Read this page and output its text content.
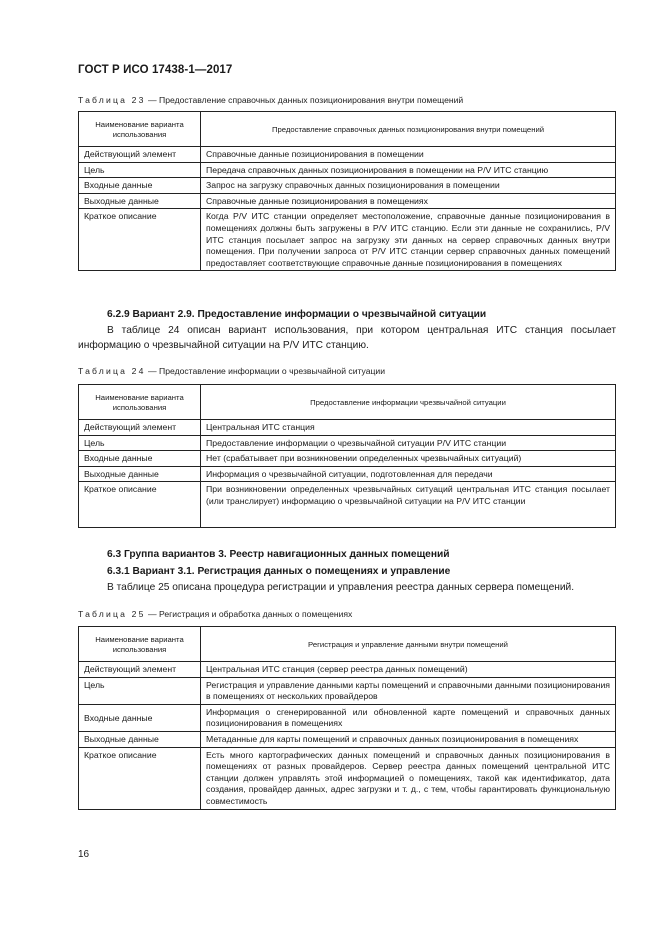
ГОСТ Р ИСО 17438-1—2017
Таблица 23 — Предоставление справочных данных позиционирования внутри помещений
Наименование варианта использования	Предоставление справочных данных позиционирования внутри помещений
Действующий элемент	Справочные данные позиционирования в помещении
Цель	Передача справочных данных позиционирования в помещении на P/V ИТС станцию
Входные данные	Запрос на загрузку справочных данных позиционирования в помещении
Выходные данные	Справочные данные позиционирования в помещениях
Краткое описание	Когда P/V ИТС станции определяет местоположение, справочные данные позиционирования в помещениях должны быть загружены в P/V ИТС станцию. Если эти данные не сохранились, P/V ИТС станция посылает запрос на загрузку эти данных на сервер справочных данных внутри помещения. При получении запроса от P/V ИТС станции сервер справочных данных помещений предоставляет соответствующие справочные данные позиционирования в помещениях
6.2.9 Вариант 2.9. Предоставление информации о чрезвычайной ситуации
В таблице 24 описан вариант использования, при котором центральная ИТС станция посылает информацию о чрезвычайной ситуации на P/V ИТС станцию.
Таблица 24 — Предоставление информации о чрезвычайной ситуации
Наименование варианта использования	Предоставление информации чрезвычайной ситуации
Действующий элемент	Центральная ИТС станция
Цель	Предоставление информации о чрезвычайной ситуации P/V ИТС станции
Входные данные	Нет (срабатывает при возникновении определенных чрезвычайных ситуаций)
Выходные данные	Информация о чрезвычайной ситуации, подготовленная для передачи
Краткое описание	При возникновении определенных чрезвычайных ситуаций центральная ИТС станция посылает (или транслирует) информацию о чрезвычайной ситуации на P/V ИТС станции
6.3 Группа вариантов 3. Реестр навигационных данных помещений
6.3.1 Вариант 3.1. Регистрация данных о помещениях и управление
В таблице 25 описана процедура регистрации и управления реестра данных сервера помещений.
Таблица 25 — Регистрация и обработка данных о помещениях
Наименование варианта использования	Регистрация и управление данными внутри помещений
Действующий элемент	Центральная ИТС станция (сервер реестра данных помещений)
Цель	Регистрация и управление данными карты помещений и справочными данными позиционирования в помещениях от нескольких провайдеров
Входные данные	Информация о сгенерированной или обновленной карте помещений и справочных данных позиционирования в помещениях
Выходные данные	Метаданные для карты помещений и справочных данных позиционирования в помещениях
Краткое описание	Есть много картографических данных помещений и справочных данных позиционирования в помещениях от разных провайдеров. Сервер реестра данных помещений центральной ИТС станции должен управлять этой информацией о помещениях, такой как идентификатор, дата создания, провайдер данных, адрес загрузки и т. д., с тем, чтобы гарантировать функциональную совместимость
16
